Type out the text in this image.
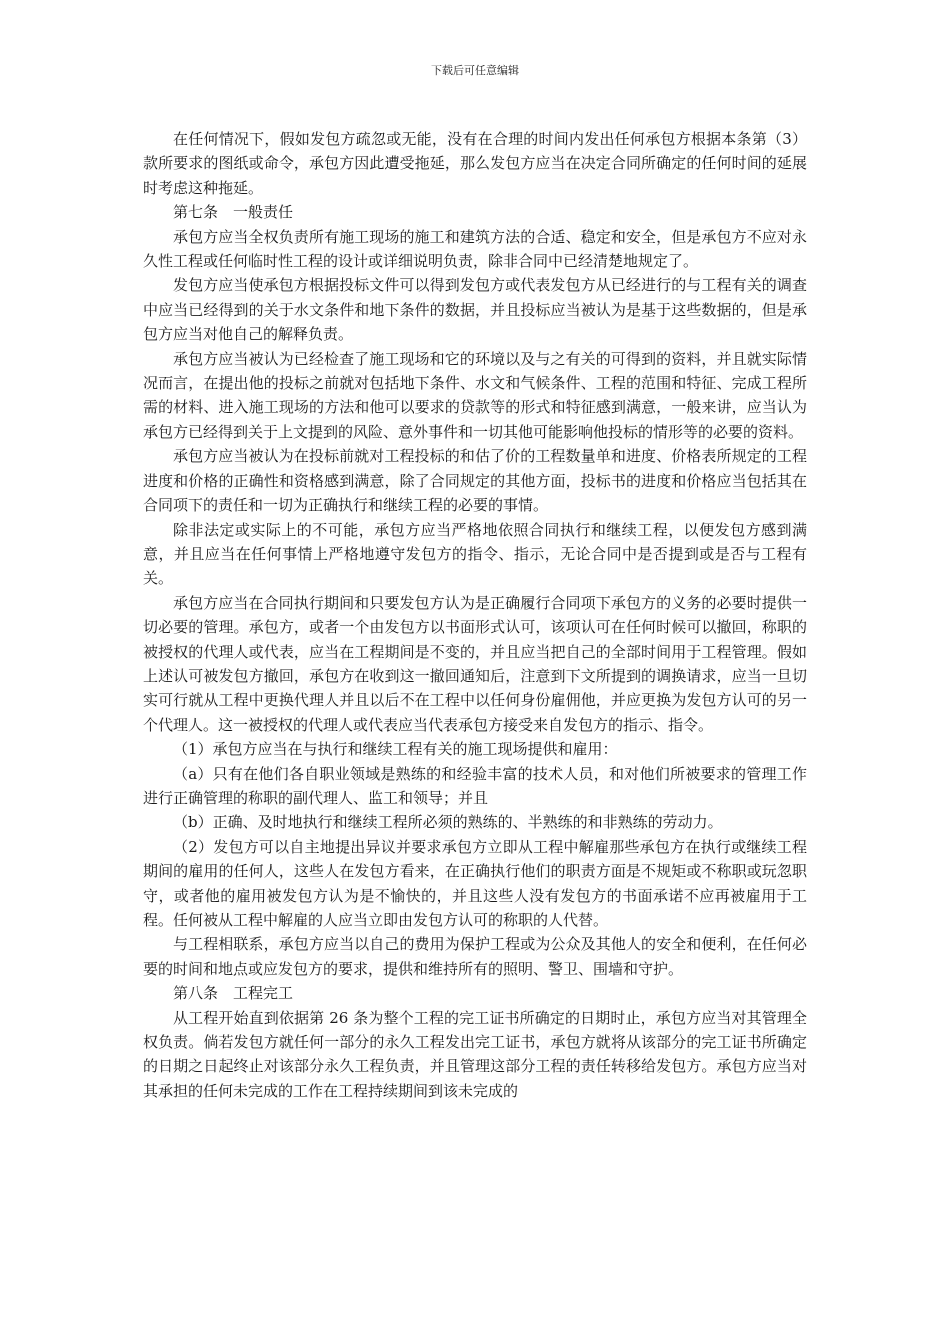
下载后可任意编辑

在任何情况下，假如发包方疏忽或无能，没有在合理的时间内发出任何承包方根据本条第（3）款所要求的图纸或命令，承包方因此遭受拖延，那么发包方应当在决定合同所确定的任何时间的延展时考虑这种拖延。

第七条　一般责任

承包方应当全权负责所有施工现场的施工和建筑方法的合适、稳定和安全，但是承包方不应对永久性工程或任何临时性工程的设计或详细说明负责，除非合同中已经清楚地规定了。

发包方应当使承包方根据投标文件可以得到发包方或代表发包方从已经进行的与工程有关的调查中应当已经得到的关于水文条件和地下条件的数据，并且投标应当被认为是基于这些数据的，但是承包方应当对他自己的解释负责。

承包方应当被认为已经检查了施工现场和它的环境以及与之有关的可得到的资料，并且就实际情况而言，在提出他的投标之前就对包括地下条件、水文和气候条件、工程的范围和特征、完成工程所需的材料、进入施工现场的方法和他可以要求的贷款等的形式和特征感到满意，一般来讲，应当认为承包方已经得到关于上文提到的风险、意外事件和一切其他可能影响他投标的情形等的必要的资料。

承包方应当被认为在投标前就对工程投标的和估了价的工程数量单和进度、价格表所规定的工程进度和价格的正确性和资格感到满意，除了合同规定的其他方面，投标书的进度和价格应当包括其在合同项下的责任和一切为正确执行和继续工程的必要的事情。

除非法定或实际上的不可能，承包方应当严格地依照合同执行和继续工程，以便发包方感到满意，并且应当在任何事情上严格地遵守发包方的指令、指示，无论合同中是否提到或是否与工程有关。

承包方应当在合同执行期间和只要发包方认为是正确履行合同项下承包方的义务的必要时提供一切必要的管理。承包方，或者一个由发包方以书面形式认可，该项认可在任何时候可以撤回，称职的被授权的代理人或代表，应当在工程期间是不变的，并且应当把自己的全部时间用于工程管理。假如上述认可被发包方撤回，承包方在收到这一撤回通知后，注意到下文所提到的调换请求，应当一旦切实可行就从工程中更换代理人并且以后不在工程中以任何身份雇佣他，并应更换为发包方认可的另一个代理人。这一被授权的代理人或代表应当代表承包方接受来自发包方的指示、指令。

（1）承包方应当在与执行和继续工程有关的施工现场提供和雇用：

（a）只有在他们各自职业领域是熟练的和经验丰富的技术人员，和对他们所被要求的管理工作进行正确管理的称职的副代理人、监工和领导；并且

（b）正确、及时地执行和继续工程所必须的熟练的、半熟练的和非熟练的劳动力。

（2）发包方可以自主地提出异议并要求承包方立即从工程中解雇那些承包方在执行或继续工程期间的雇用的任何人，这些人在发包方看来，在正确执行他们的职责方面是不规矩或不称职或玩忽职守，或者他的雇用被发包方认为是不愉快的，并且这些人没有发包方的书面承诺不应再被雇用于工程。任何被从工程中解雇的人应当立即由发包方认可的称职的人代替。

与工程相联系，承包方应当以自己的费用为保护工程或为公众及其他人的安全和便利，在任何必要的时间和地点或应发包方的要求，提供和维持所有的照明、警卫、围墙和守护。

第八条　工程完工

从工程开始直到依据第 26 条为整个工程的完工证书所确定的日期时止，承包方应当对其管理全权负责。倘若发包方就任何一部分的永久工程发出完工证书，承包方就将从该部分的完工证书所确定的日期之日起终止对该部分永久工程负责，并且管理这部分工程的责任转移给发包方。承包方应当对其承担的任何未完成的工作在工程持续期间到该未完成的
